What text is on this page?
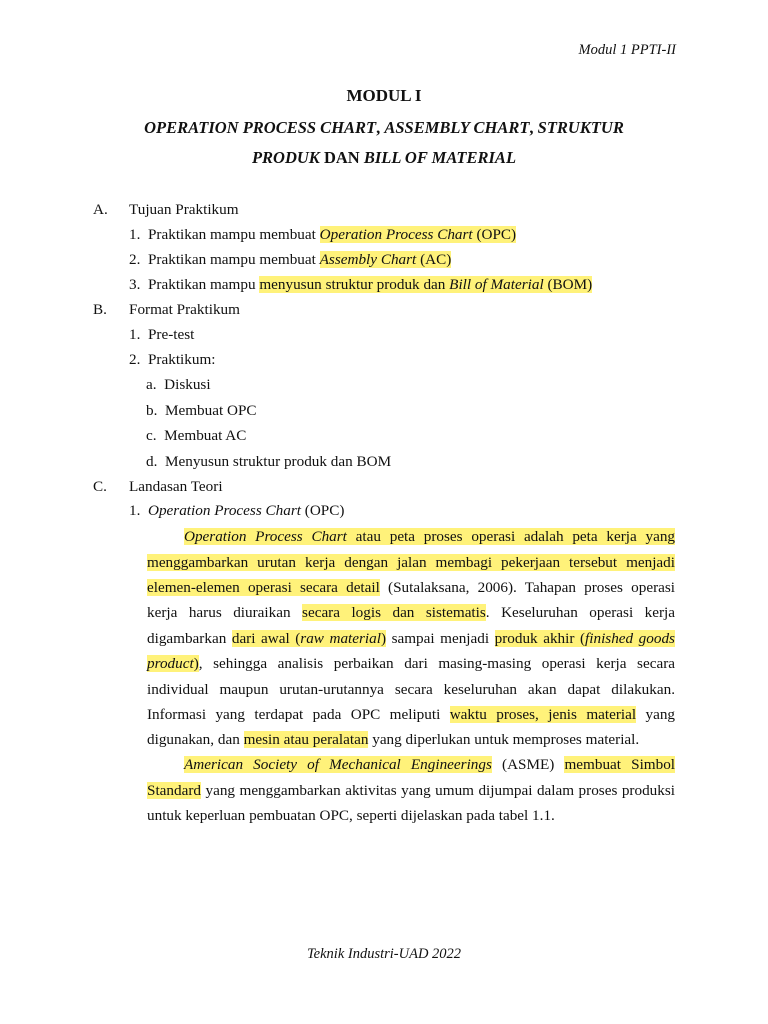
Modul 1 PPTI-II
MODUL I
OPERATION PROCESS CHART, ASSEMBLY CHART, STRUKTUR
PRODUK DAN BILL OF MATERIAL
A. Tujuan Praktikum
1. Praktikan mampu membuat Operation Process Chart (OPC)
2. Praktikan mampu membuat Assembly Chart (AC)
3. Praktikan mampu menyusun struktur produk dan Bill of Material (BOM)
B. Format Praktikum
1. Pre-test
2. Praktikum:
a. Diskusi
b. Membuat OPC
c. Membuat AC
d. Menyusun struktur produk dan BOM
C. Landasan Teori
1. Operation Process Chart (OPC)
Operation Process Chart atau peta proses operasi adalah peta kerja yang
menggambarkan urutan kerja dengan jalan membagi pekerjaan tersebut menjadi
elemen-elemen operasi secara detail (Sutalaksana, 2006). Tahapan proses operasi
kerja harus diuraikan secara logis dan sistematis. Keseluruhan operasi kerja
digambarkan dari awal (raw material) sampai menjadi produk akhir (finished goods
product), sehingga analisis perbaikan dari masing-masing operasi kerja secara
individual maupun urutan-urutannya secara keseluruhan akan dapat dilakukan.
Informasi yang terdapat pada OPC meliputi waktu proses, jenis material yang
digunakan, dan mesin atau peralatan yang diperlukan untuk memproses material.
American Society of Mechanical Engineerings (ASME) membuat Simbol
Standard yang menggambarkan aktivitas yang umum dijumpai dalam proses produksi
untuk keperluan pembuatan OPC, seperti dijelaskan pada tabel 1.1.
Teknik Industri-UAD 2022
